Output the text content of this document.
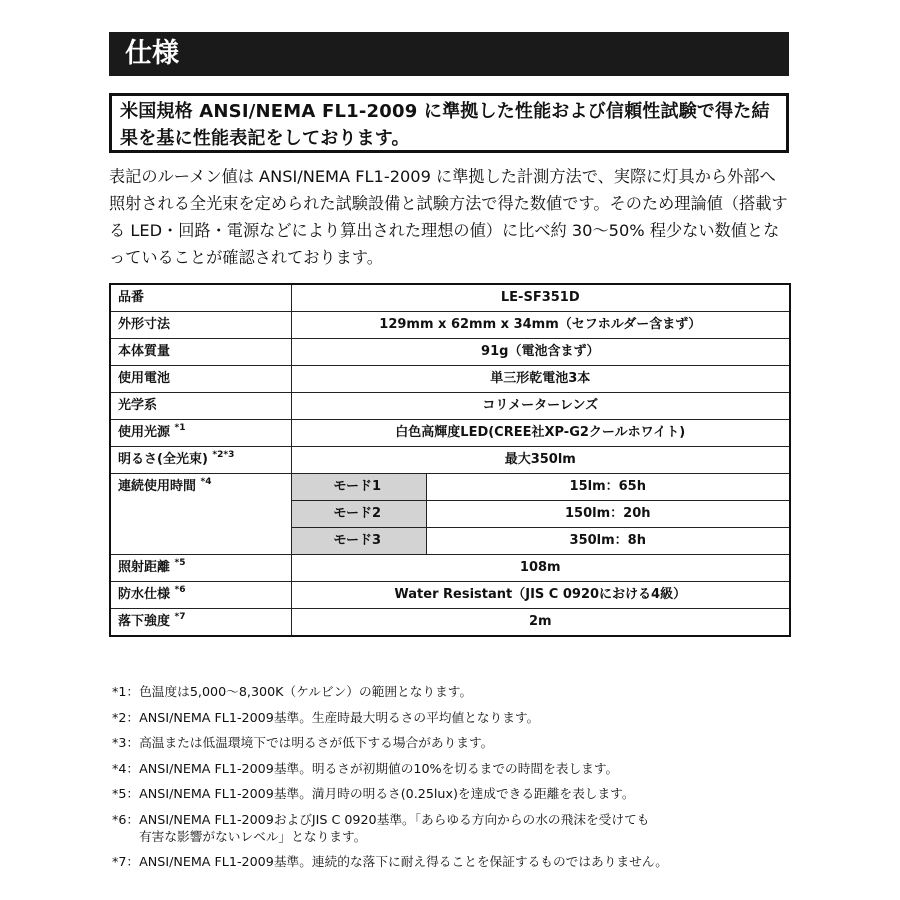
仕様
米国規格 ANSI/NEMA FL1-2009 に準拠した性能および信頼性試験で得た結果を基に性能表記をしております。

表記のルーメン値は ANSI/NEMA FL1-2009 に準拠した計測方法で、実際に灯具から外部へ照射される全光束を定められた試験設備と試験方法で得た数値です。そのため理論値（搭載する LED・回路・電源などにより算出された理想の値）に比べ約 30～50% 程少ない数値となっていることが確認されております。

品番	LE-SF351D	
外形寸法	129mm x 62mm x 34mm（セフホルダー含まず）	
本体質量	91g（電池含まず）	
使用電池	単三形乾電池3本	
光学系	コリメーターレンズ	
使用光源 $^{*1}$	白色高輝度LED(CREE社XP-G2クールホワイト)	
明るさ(全光束) $^{*2*3}$	最大350lm	
連続使用時間 $^{*4}$	モード1	15lm：65h
	モード2	150lm：20h
	モード3	350lm：8h
照射距離 $^{*5}$	108m	
防水仕様 $^{*6}$	Water Resistant（JIS C 0920における4級）	
落下強度 $^{*7}$	2m	

*1：色温度は5,000～8,300K（ケルビン）の範囲となります。

*2：ANSI/NEMA FL1-2009基準。生産時最大明るさの平均値となります。

*3：高温または低温環境下では明るさが低下する場合があります。

*4：ANSI/NEMA FL1-2009基準。明るさが初期値の10%を切るまでの時間を表します。

*5：ANSI/NEMA FL1-2009基準。満月時の明るさ(0.25lux)を達成できる距離を表します。

*6：ANSI/NEMA FL1-2009およびJIS C 0920基準。「あらゆる方向からの水の飛沫を受けても
有害な影響がないレベル」となります。

*7：ANSI/NEMA FL1-2009基準。連続的な落下に耐え得ることを保証するものではありません。
